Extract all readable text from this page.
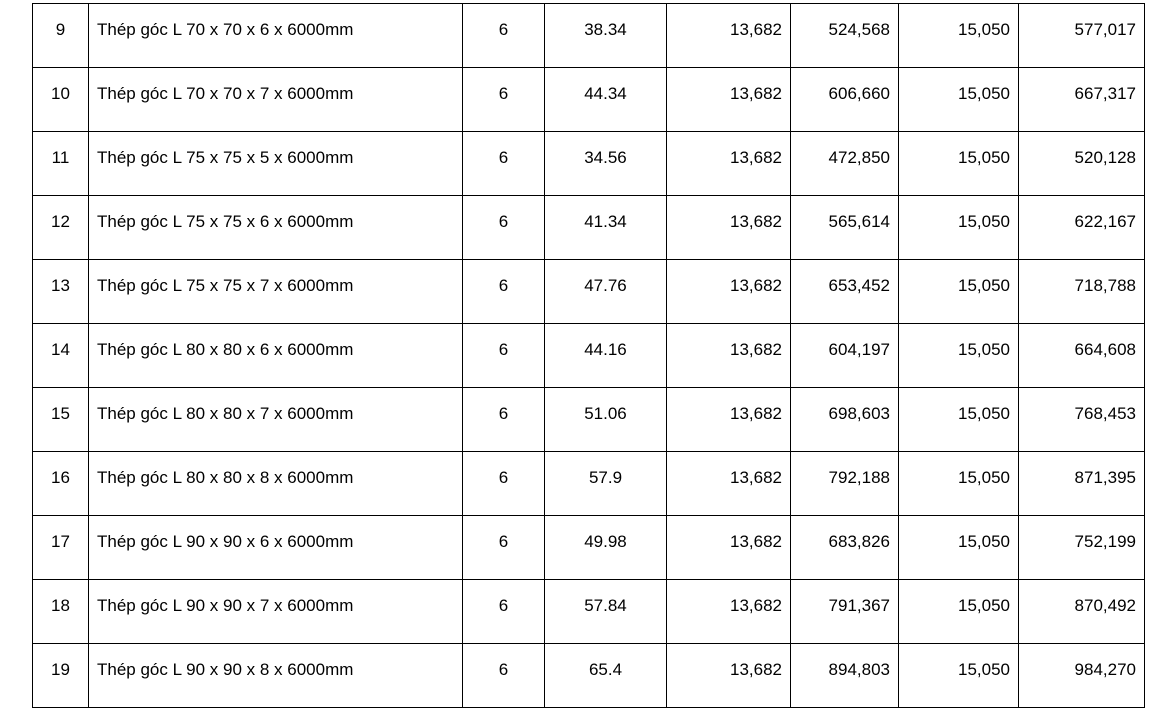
9	Thép góc L 70 x 70 x 6 x 6000mm	6	38.34	13,682	524,568	15,050	577,017
10	Thép góc L 70 x 70 x 7 x 6000mm	6	44.34	13,682	606,660	15,050	667,317
11	Thép góc L 75 x 75 x 5 x 6000mm	6	34.56	13,682	472,850	15,050	520,128
12	Thép góc L 75 x 75 x 6 x 6000mm	6	41.34	13,682	565,614	15,050	622,167
13	Thép góc L 75 x 75 x 7 x 6000mm	6	47.76	13,682	653,452	15,050	718,788
14	Thép góc L 80 x 80 x 6 x 6000mm	6	44.16	13,682	604,197	15,050	664,608
15	Thép góc L 80 x 80 x 7 x 6000mm	6	51.06	13,682	698,603	15,050	768,453
16	Thép góc L 80 x 80 x 8 x 6000mm	6	57.9	13,682	792,188	15,050	871,395
17	Thép góc L 90 x 90 x 6 x 6000mm	6	49.98	13,682	683,826	15,050	752,199
18	Thép góc L 90 x 90 x 7 x 6000mm	6	57.84	13,682	791,367	15,050	870,492
19	Thép góc L 90 x 90 x 8 x 6000mm	6	65.4	13,682	894,803	15,050	984,270
